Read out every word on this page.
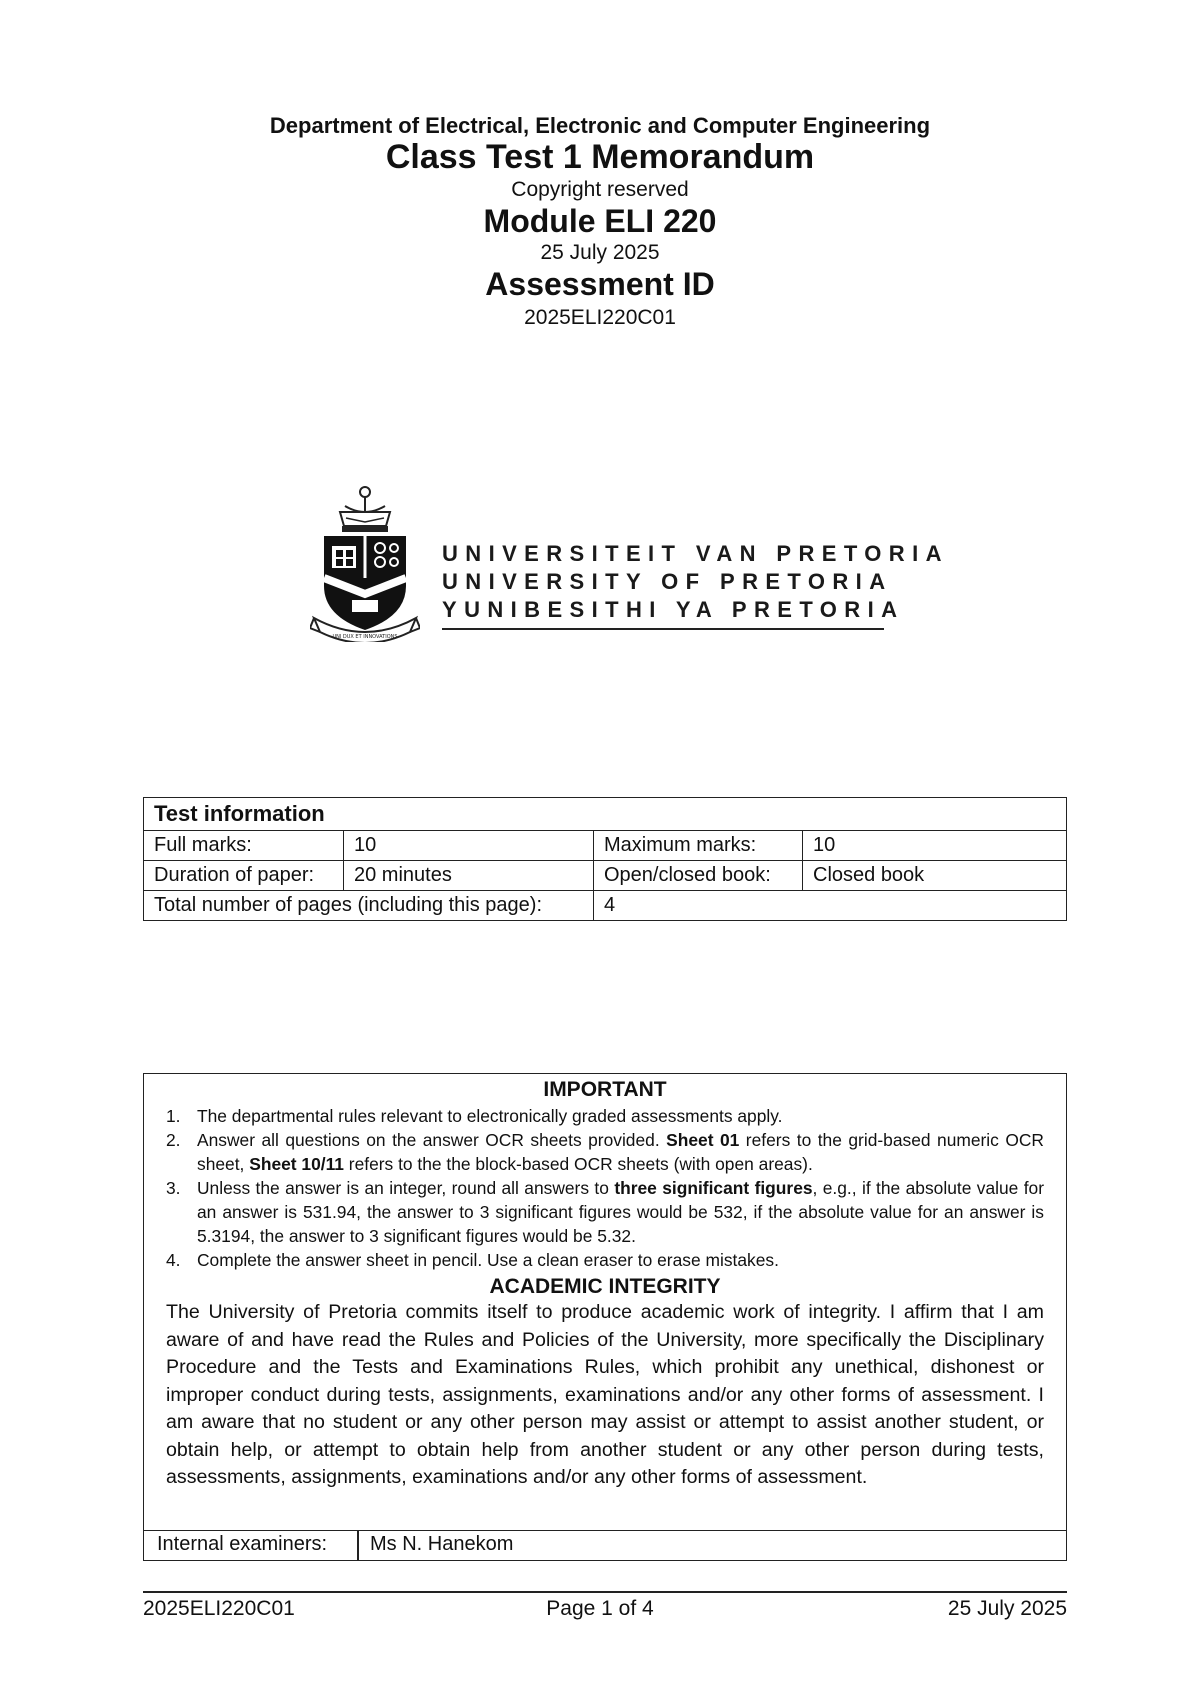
Department of Electrical, Electronic and Computer Engineering
Class Test 1 Memorandum
Copyright reserved
Module ELI 220
25 July 2025
Assessment ID
2025ELI220C01
UNI DUX ET INNOVATIONS
UNIVERSITEIT VAN PRETORIA
UNIVERSITY OF PRETORIA
YUNIBESITHI YA PRETORIA
Test information			
Full marks:	10	Maximum marks:	10
Duration of paper:	20 minutes	Open/closed book:	Closed book
Total number of pages (including this page):		4	
IMPORTANT
1. The departmental rules relevant to electronically graded assessments apply.
2. Answer all questions on the answer OCR sheets provided. Sheet 01 refers to the grid-based numeric OCR sheet, Sheet 10/11 refers to the the block-based OCR sheets (with open areas).
3. Unless the answer is an integer, round all answers to three significant figures, e.g., if the absolute value for an answer is 531.94, the answer to 3 significant figures would be 532, if the absolute value for an answer is 5.3194, the answer to 3 significant figures would be 5.32.
4. Complete the answer sheet in pencil. Use a clean eraser to erase mistakes.
ACADEMIC INTEGRITY
The University of Pretoria commits itself to produce academic work of integrity. I affirm that I am aware of and have read the Rules and Policies of the University, more specifically the Disciplinary Procedure and the Tests and Examinations Rules, which prohibit any unethical, dishonest or improper conduct during tests, assignments, examinations and/or any other forms of assessment. I am aware that no student or any other person may assist or attempt to assist another student, or obtain help, or attempt to obtain help from another student or any other person during tests, assessments, assignments, examinations and/or any other forms of assessment.
Internal examiners: Ms N. Hanekom
2025ELI220C01	Page 1 of 4	25 July 2025
